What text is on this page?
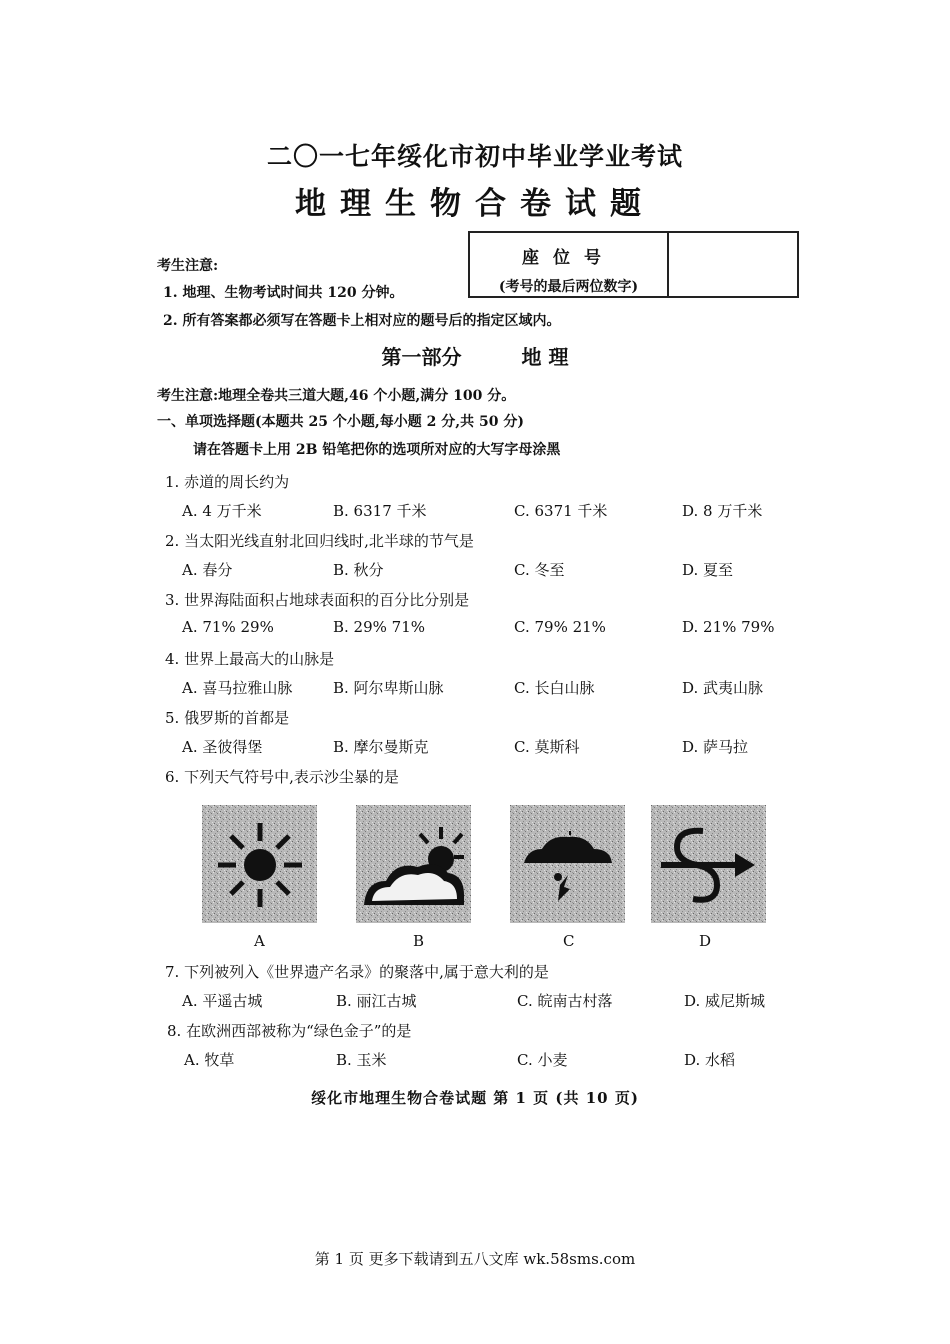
二〇一七年绥化市初中毕业学业考试
地理生物合卷试题
座位号
(考号的最后两位数字)
考生注意:
1. 地理、生物考试时间共 120 分钟。
2. 所有答案都必须写在答题卡上相对应的题号后的指定区域内。
第一部分	地 理
考生注意:地理全卷共三道大题,46 个小题,满分 100 分。
一、单项选择题(本题共 25 个小题,每小题 2 分,共 50 分)
请在答题卡上用 2B 铅笔把你的选项所对应的大写字母涂黑
1. 赤道的周长约为
A. 4 万千米	B. 6317 千米	C. 6371 千米	D. 8 万千米
2. 当太阳光线直射北回归线时,北半球的节气是
A. 春分	B. 秋分	C. 冬至	D. 夏至
3. 世界海陆面积占地球表面积的百分比分别是
A. 71% 29%	B. 29% 71%	C. 79% 21%	D. 21% 79%
4. 世界上最高大的山脉是
A. 喜马拉雅山脉	B. 阿尔卑斯山脉	C. 长白山脉	D. 武夷山脉
5. 俄罗斯的首都是
A. 圣彼得堡	B. 摩尔曼斯克	C. 莫斯科	D. 萨马拉
6. 下列天气符号中,表示沙尘暴的是
A	B	C	D
7. 下列被列入《世界遗产名录》的聚落中,属于意大利的是
A. 平遥古城	B. 丽江古城	C. 皖南古村落	D. 威尼斯城
8. 在欧洲西部被称为“绿色金子”的是
A. 牧草	B. 玉米	C. 小麦	D. 水稻
绥化市地理生物合卷试题 第 1 页 (共 10 页)
第 1 页 更多下载请到五八文库 wk.58sms.com
